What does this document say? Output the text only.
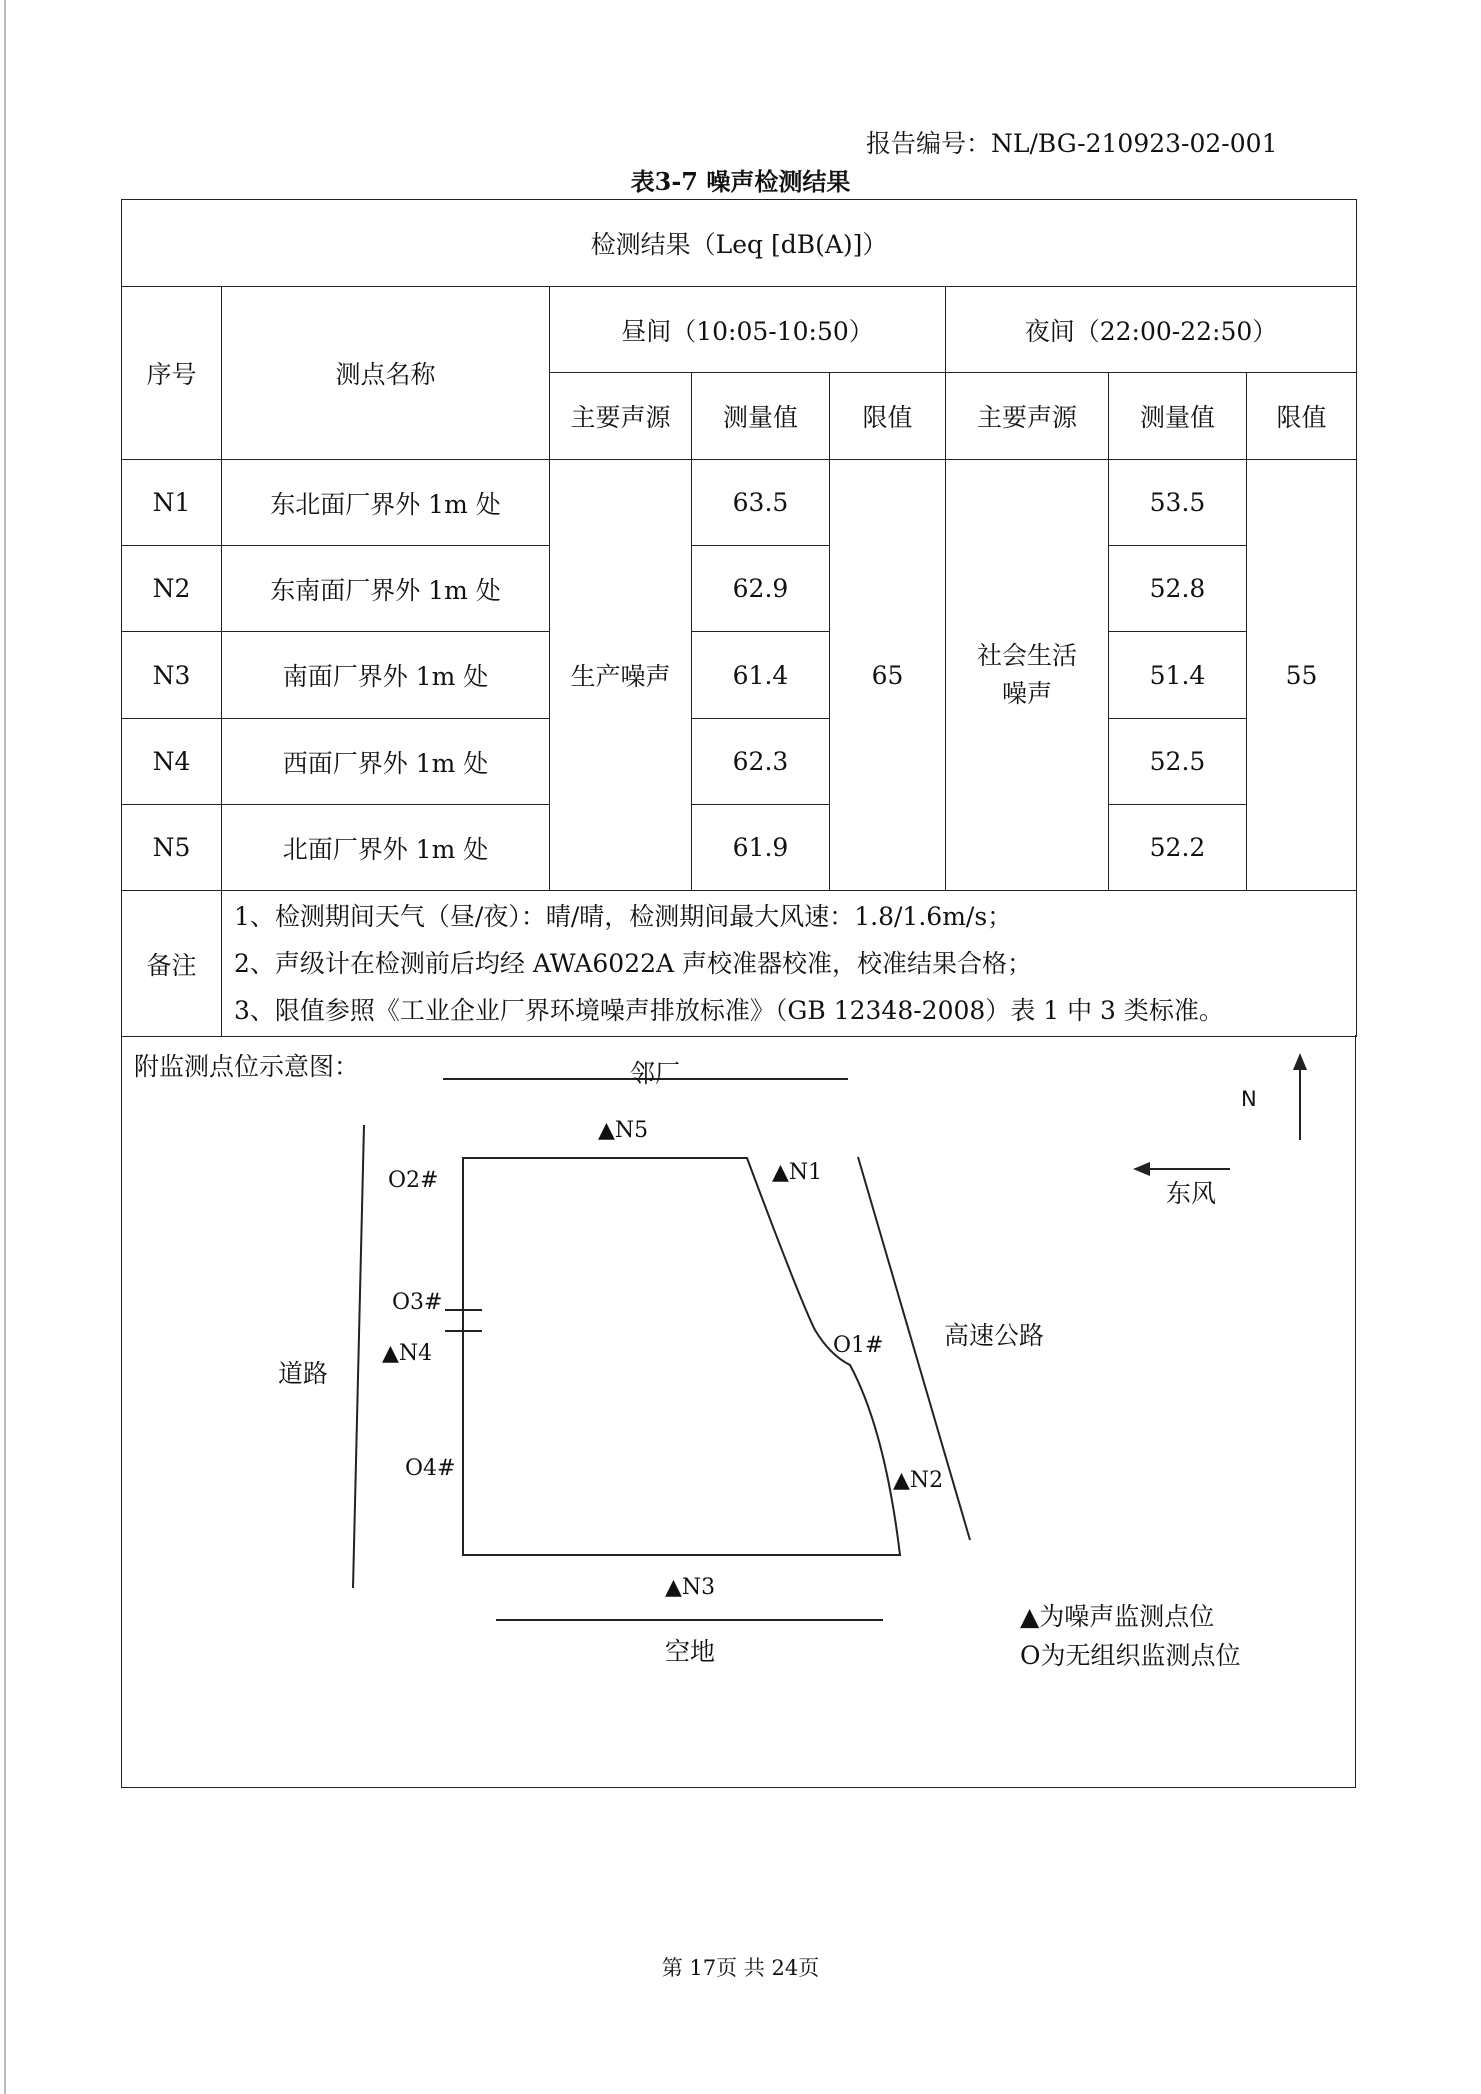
报告编号：NL/BG-210923-02-001
表3-7 噪声检测结果
检测结果（Leq [dB(A)]）							
序号	测点名称	昼间（10:05-10:50）			夜间（22:00-22:50）		
		主要声源	测量值	限值	主要声源	测量值	限值
N1	东北面厂界外 1m 处	生产噪声	63.5	65	社会生活噪声	53.5	55
N2	东南面厂界外 1m 处		62.9			52.8	
N3	南面厂界外 1m 处		61.4			51.4	
N4	西面厂界外 1m 处		62.3			52.5	
N5	北面厂界外 1m 处		61.9			52.2	
备注	1、检测期间天气（昼/夜）：晴/晴，检测期间最大风速：1.8/1.6m/s；
2、声级计在检测前后均经 AWA6022A 声校准器校准，校准结果合格；
3、限值参照《工业企业厂界环境噪声排放标准》（GB 12348-2008）表 1 中 3 类标准。						
附监测点位示意图：	邻厂
空地
道路
高速公路
N
东风
▲N5
▲N1
▲N4
▲N2
▲N3
O2#
O3#
O1#
O4#
▲为噪声监测点位
O为无组织监测点位
第 17页 共 24页
